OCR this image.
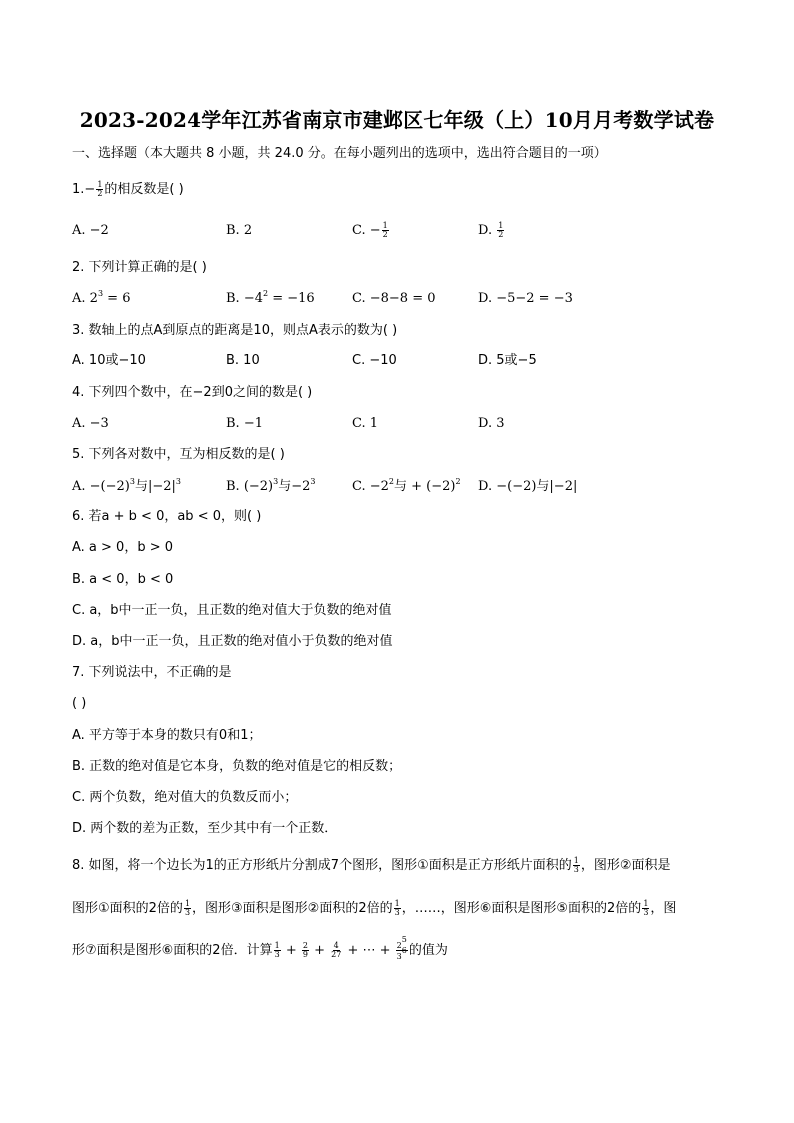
2023-2024学年江苏省南京市建邺区七年级（上）10月月考数学试卷
一、选择题（本大题共 8 小题，共 24.0 分。在每小题列出的选项中，选出符合题目的一项）
$1.- \frac{1}{2}$ 的相反数是( )
A. −2	B. 2	C. − $\frac{1}{2}$	D. $\frac{1}{2}$
2. 下列计算正确的是( )
A. $2^3 = 6$	B. $-4^2 = -16$	C. −8−8 = 0	D. −5−2 = −3
3. 数轴上的点A到原点的距离是10，则点A表示的数为( )
A. 10或−10	B. 10	C. −10	D. 5或−5
4. 下列四个数中，在−2到0之间的数是( )
A. −3	B. −1	C. 1	D. 3
5. 下列各对数中，互为相反数的是( )
A. $-(-2)^3$与$|-2|^3$	B. $(-2)^3$与$-2^3$	C. $-2^2$与 + $(-2)^2$ D. −(−2)与|−2|
6. 若a + b < 0，ab < 0，则( )
A. a > 0，b > 0
B. a < 0，b < 0
C. a，b中一正一负，且正数的绝对值大于负数的绝对值
D. a，b中一正一负，且正数的绝对值小于负数的绝对值
7. 下列说法中，不正确的是
( )
A. 平方等于本身的数只有0和1；
B. 正数的绝对值是它本身，负数的绝对值是它的相反数；
C. 两个负数，绝对值大的负数反而小；
D. 两个数的差为正数，至少其中有一个正数．
8. 如图，将一个边长为1的正方形纸片分割成7个图形，图形①面积是正方形纸片面积的 $\frac{1}{3}$ ，图形②面积是
图形①面积的2倍的 $\frac{1}{3}$ ，图形③面积是图形②面积的2倍的 $\frac{1}{3}$ ，……，图形⑥面积是图形⑤面积的2倍的 $\frac{1}{3}$ ，图
形⑦面积是图形⑥面积的2倍．计算 $\frac{1}{3} + \frac{2}{9} + \frac{4}{27}$ + ⋯ + $\frac{2^5}{3^6}$ 的值为
